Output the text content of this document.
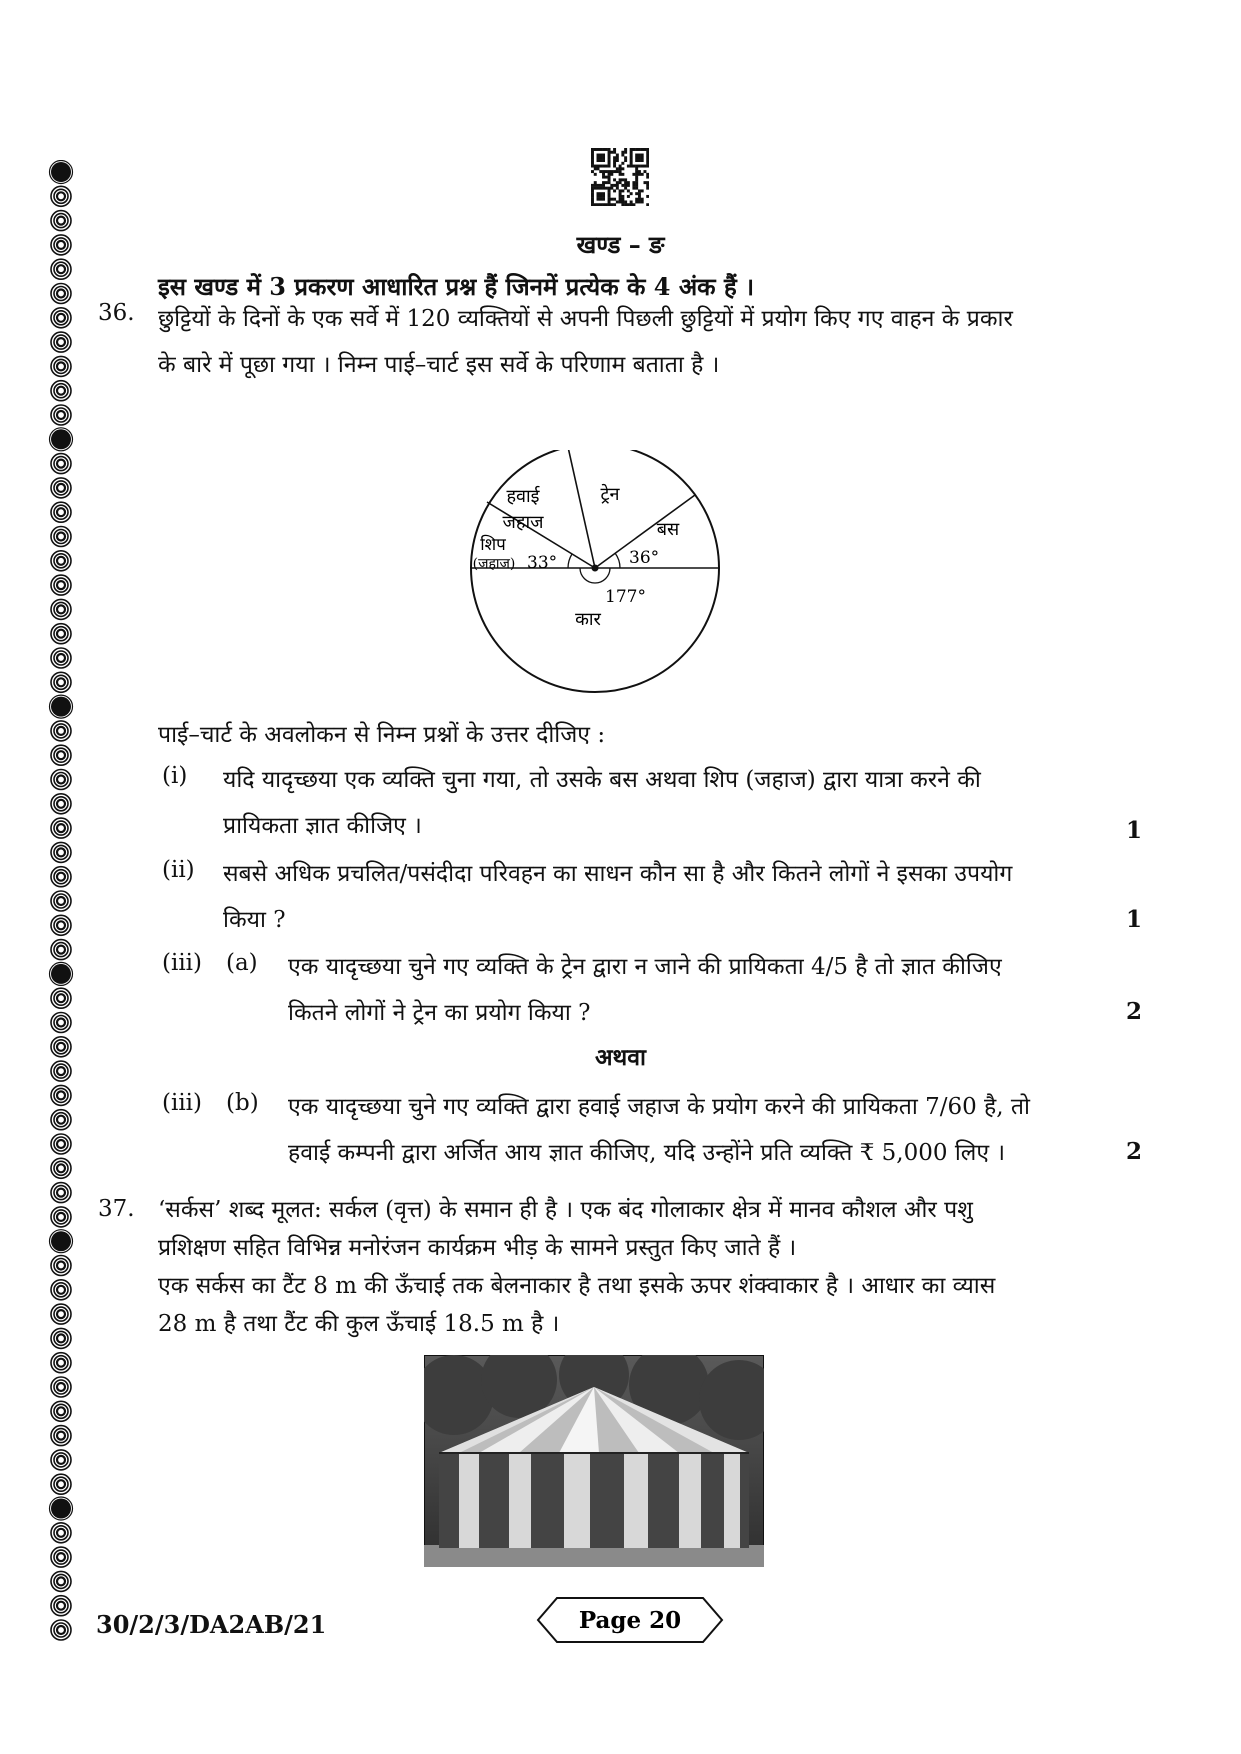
खण्ड – ङ
इस खण्ड में 3 प्रकरण आधारित प्रश्न हैं जिनमें प्रत्येक के 4 अंक हैं ।
36. छुट्टियों के दिनों के एक सर्वे में 120 व्यक्तियों से अपनी पिछली छुट्टियों में प्रयोग किए गए वाहन के प्रकार
के बारे में पूछा गया । निम्न पाई–चार्ट इस सर्वे के परिणाम बताता है ।
बस
36°
ट्रेन
हवाई
जहाज
शिप
(जहाज) 33°
177°
कार
पाई–चार्ट के अवलोकन से निम्न प्रश्नों के उत्तर दीजिए :
(i) यदि यादृच्छया एक व्यक्ति चुना गया, तो उसके बस अथवा शिप (जहाज) द्वारा यात्रा करने की
प्रायिकता ज्ञात कीजिए ।	1
(ii) सबसे अधिक प्रचलित/पसंदीदा परिवहन का साधन कौन सा है और कितने लोगों ने इसका उपयोग
किया ?	1
(iii) (a) एक यादृच्छया चुने गए व्यक्ति के ट्रेन द्वारा न जाने की प्रायिकता 4/5 है तो ज्ञात कीजिए
कितने लोगों ने ट्रेन का प्रयोग किया ?	2
अथवा
(iii) (b) एक यादृच्छया चुने गए व्यक्ति द्वारा हवाई जहाज के प्रयोग करने की प्रायिकता 7/60 है, तो
हवाई कम्पनी द्वारा अर्जित आय ज्ञात कीजिए, यदि उन्होंने प्रति व्यक्ति ₹ 5,000 लिए ।	2
37. ‘सर्कस’ शब्द मूलत: सर्कल (वृत्त) के समान ही है । एक बंद गोलाकार क्षेत्र में मानव कौशल और पशु
प्रशिक्षण सहित विभिन्न मनोरंजन कार्यक्रम भीड़ के सामने प्रस्तुत किए जाते हैं ।
एक सर्कस का टैंट 8 m की ऊँचाई तक बेलनाकार है तथा इसके ऊपर शंक्वाकार है । आधार का व्यास
28 m है तथा टैंट की कुल ऊँचाई 18.5 m है ।
30/2/3/DA2AB/21	Page 20
